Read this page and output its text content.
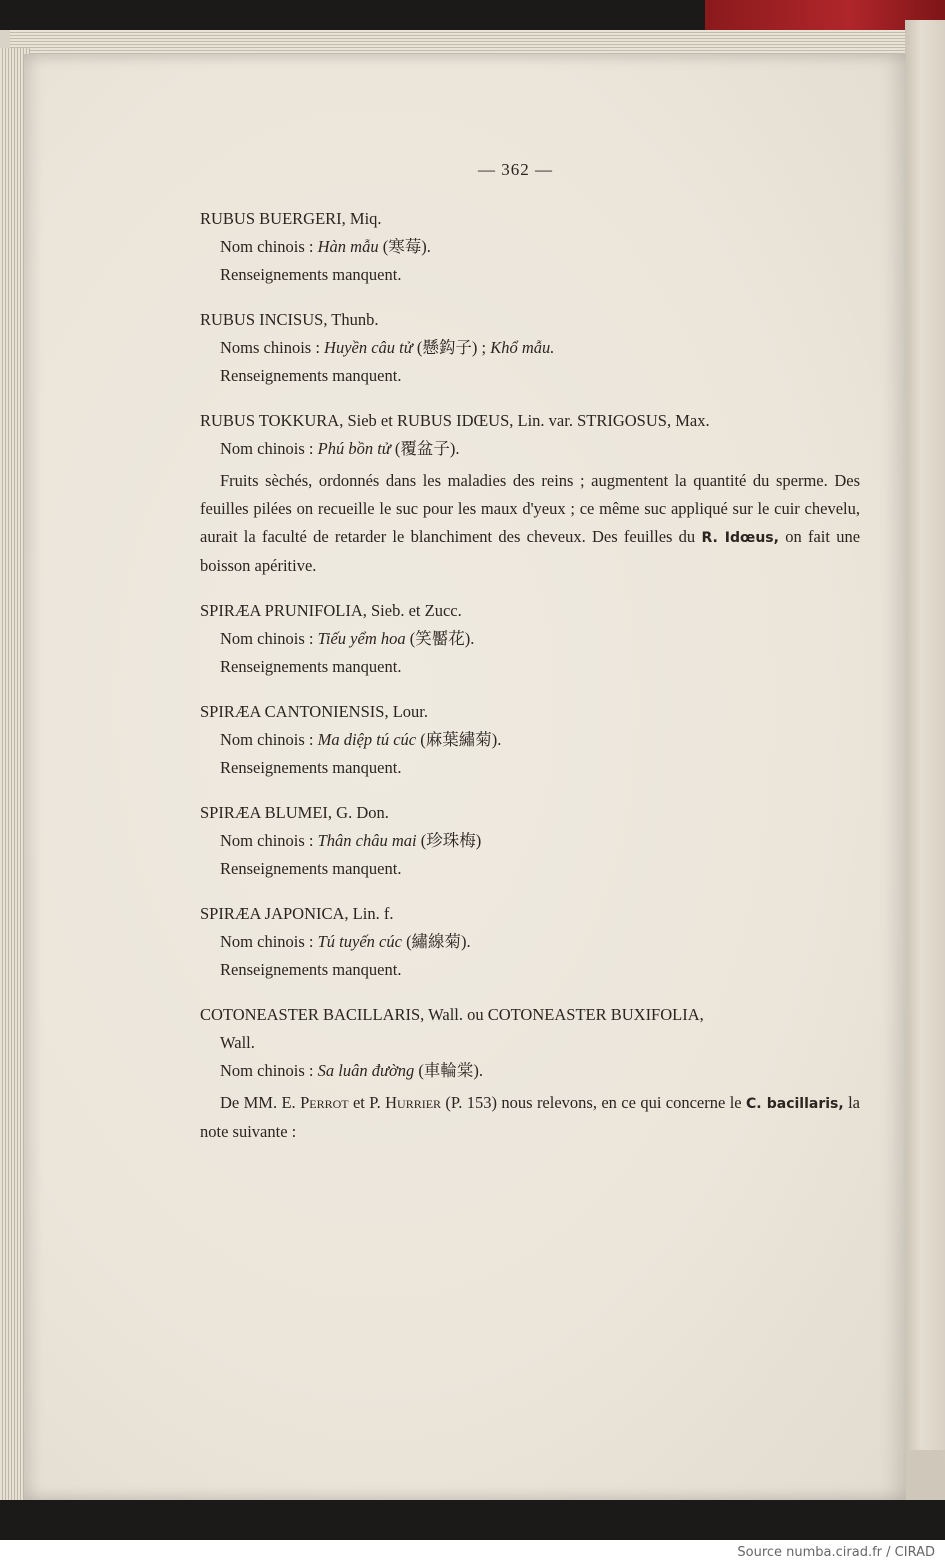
— 362 —
RUBUS BUERGERI, Miq.
Nom chinois : Hàn mẫu (寒莓).
Renseignements manquent.
RUBUS INCISUS, Thunb.
Noms chinois : Huyền câu tử (懸鈎子) ; Khổ mẫu.
Renseignements manquent.
RUBUS TOKKURA, Sieb et RUBUS IDŒUS, Lin. var. STRIGOSUS, Max.
Nom chinois : Phú bồn tử (覆盆子).

Fruits sèchés, ordonnés dans les maladies des reins ; augmentent la quantité du sperme. Des feuilles pilées on recueille le suc pour les maux d'yeux ; ce même suc appliqué sur le cuir chevelu, aurait la faculté de retarder le blanchiment des cheveux. Des feuilles du R. Idœus, on fait une boisson apéritive.

SPIRÆA PRUNIFOLIA, Sieb. et Zucc.
Nom chinois : Tiếu yểm hoa (笑靨花).
Renseignements manquent.
SPIRÆA CANTONIENSIS, Lour.
Nom chinois : Ma diệp tú cúc (麻葉繡菊).
Renseignements manquent.
SPIRÆA BLUMEI, G. Don.
Nom chinois : Thân châu mai (珍珠梅)
Renseignements manquent.
SPIRÆA JAPONICA, Lin. f.
Nom chinois : Tú tuyến cúc (繡線菊).
Renseignements manquent.
COTONEASTER BACILLARIS, Wall. ou COTONEASTER BUXIFOLIA,
Wall.
Nom chinois : Sa luân đường (車輪棠).

De MM. E. Perrot et P. Hurrier (P. 153) nous relevons, en ce qui concerne le C. bacillaris, la note suivante :

Source numba.cirad.fr / CIRAD
